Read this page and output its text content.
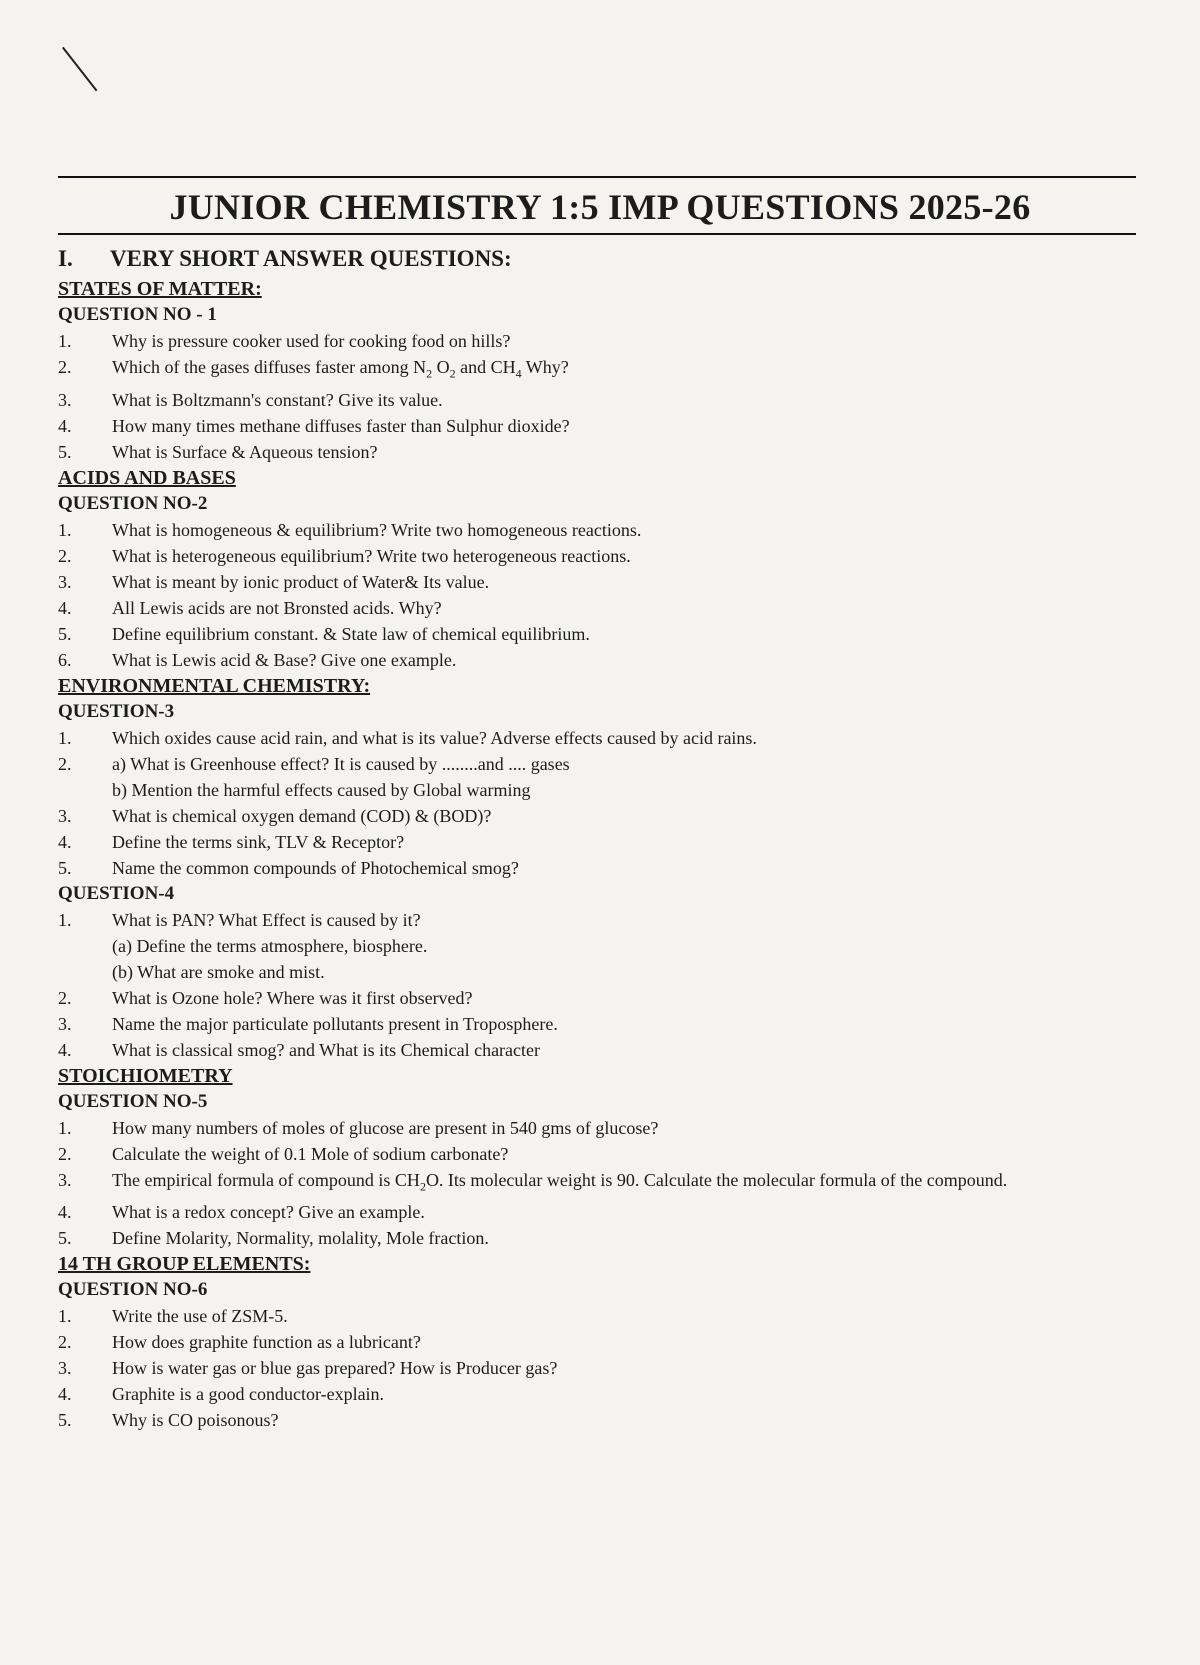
JUNIOR CHEMISTRY 1:5 IMP QUESTIONS 2025-26
I. VERY SHORT ANSWER QUESTIONS:
STATES OF MATTER:
QUESTION NO - 1
1.	Why is pressure cooker used for cooking food on hills?
2.	Which of the gases diffuses faster among $N_2$ $O_2$ and $CH_4$ Why?
3.	What is Boltzmann's constant? Give its value.
4.	How many times methane diffuses faster than Sulphur dioxide?
5.	What is Surface & Aqueous tension?
ACIDS AND BASES
QUESTION NO-2
1.	What is homogeneous & equilibrium? Write two homogeneous reactions.
2.	What is heterogeneous equilibrium? Write two heterogeneous reactions.
3.	What is meant by ionic product of Water& Its value.
4.	All Lewis acids are not Bronsted acids. Why?
5.	Define equilibrium constant. & State law of chemical equilibrium.
6.	What is Lewis acid & Base? Give one example.
ENVIRONMENTAL CHEMISTRY:
QUESTION-3
1.	Which oxides cause acid rain, and what is its value? Adverse effects caused by acid rains.
2.	a) What is Greenhouse effect? It is caused by ........and .... gases
b) Mention the harmful effects caused by Global warming
3.	What is chemical oxygen demand (COD) & (BOD)?
4.	Define the terms sink, TLV & Receptor?
5.	Name the common compounds of Photochemical smog?
QUESTION-4
1.	What is PAN? What Effect is caused by it?
(a) Define the terms atmosphere, biosphere.
(b) What are smoke and mist.
2.	What is Ozone hole? Where was it first observed?
3.	Name the major particulate pollutants present in Troposphere.
4.	What is classical smog? and What is its Chemical character
STOICHIOMETRY
QUESTION NO-5
1.	How many numbers of moles of glucose are present in 540 gms of glucose?
2.	Calculate the weight of 0.1 Mole of sodium carbonate?
3.	The empirical formula of compound is $CH_2O$. Its molecular weight is 90. Calculate the molecular formula of the compound.
4.	What is a redox concept? Give an example.
5.	Define Molarity, Normality, molality, Mole fraction.
14 TH GROUP ELEMENTS:
QUESTION NO-6
1.	Write the use of ZSM-5.
2.	How does graphite function as a lubricant?
3.	How is water gas or blue gas prepared? How is Producer gas?
4.	Graphite is a good conductor-explain.
5.	Why is CO poisonous?
